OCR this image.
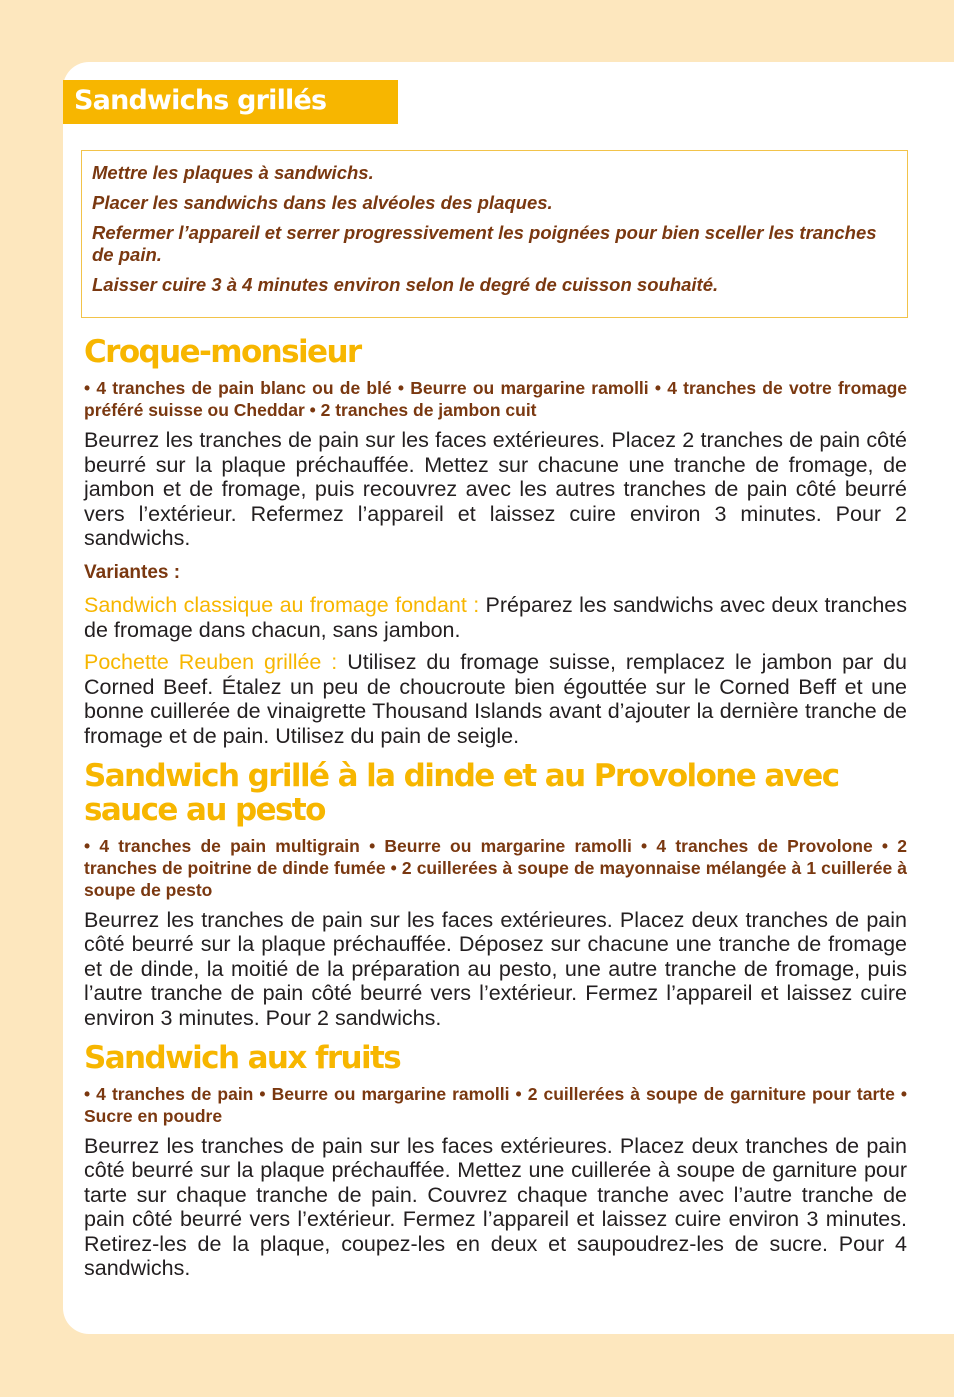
Sandwichs grillés

Mettre les plaques à sandwichs.

Placer les sandwichs dans les alvéoles des plaques.

Refermer l’appareil et serrer progressivement les poignées pour bien sceller les tranches de pain.

Laisser cuire 3 à 4 minutes environ selon le degré de cuisson souhaité.

Croque-monsieur

• 4 tranches de pain blanc ou de blé • Beurre ou margarine ramolli • 4 tranches de votre fromage préféré suisse ou Cheddar • 2 tranches de jambon cuit

Beurrez les tranches de pain sur les faces extérieures. Placez 2 tranches de pain côté beurré sur la plaque préchauffée. Mettez sur chacune une tranche de fromage, de jambon et de fromage, puis recouvrez avec les autres tranches de pain côté beurré vers l’extérieur. Refermez l’appareil et laissez cuire environ 3 minutes. Pour 2 sandwichs.

Variantes :

Sandwich classique au fromage fondant : Préparez les sandwichs avec deux tranches de fromage dans chacun, sans jambon.

Pochette Reuben grillée : Utilisez du fromage suisse, remplacez le jambon par du Corned Beef. Étalez un peu de choucroute bien égouttée sur le Corned Beff et une bonne cuillerée de vinaigrette Thousand Islands avant d’ajouter la dernière tranche de fromage et de pain. Utilisez du pain de seigle.

Sandwich grillé à la dinde et au Provolone avec sauce au pesto

• 4 tranches de pain multigrain • Beurre ou margarine ramolli • 4 tranches de Provolone • 2 tranches de poitrine de dinde fumée • 2 cuillerées à soupe de mayonnaise mélangée à 1 cuillerée à soupe de pesto

Beurrez les tranches de pain sur les faces extérieures. Placez deux tranches de pain côté beurré sur la plaque préchauffée. Déposez sur chacune une tranche de fromage et de dinde, la moitié de la préparation au pesto, une autre tranche de fromage, puis l’autre tranche de pain côté beurré vers l’extérieur. Fermez l’appareil et laissez cuire environ 3 minutes. Pour 2 sandwichs.

Sandwich aux fruits

• 4 tranches de pain • Beurre ou margarine ramolli • 2 cuillerées à soupe de garniture pour tarte • Sucre en poudre

Beurrez les tranches de pain sur les faces extérieures. Placez deux tranches de pain côté beurré sur la plaque préchauffée. Mettez une cuillerée à soupe de garniture pour tarte sur chaque tranche de pain. Couvrez chaque tranche avec l’autre tranche de pain côté beurré vers l’extérieur. Fermez l’appareil et laissez cuire environ 3 minutes. Retirez-les de la plaque, coupez-les en deux et saupoudrez-les de sucre. Pour 4 sandwichs.
